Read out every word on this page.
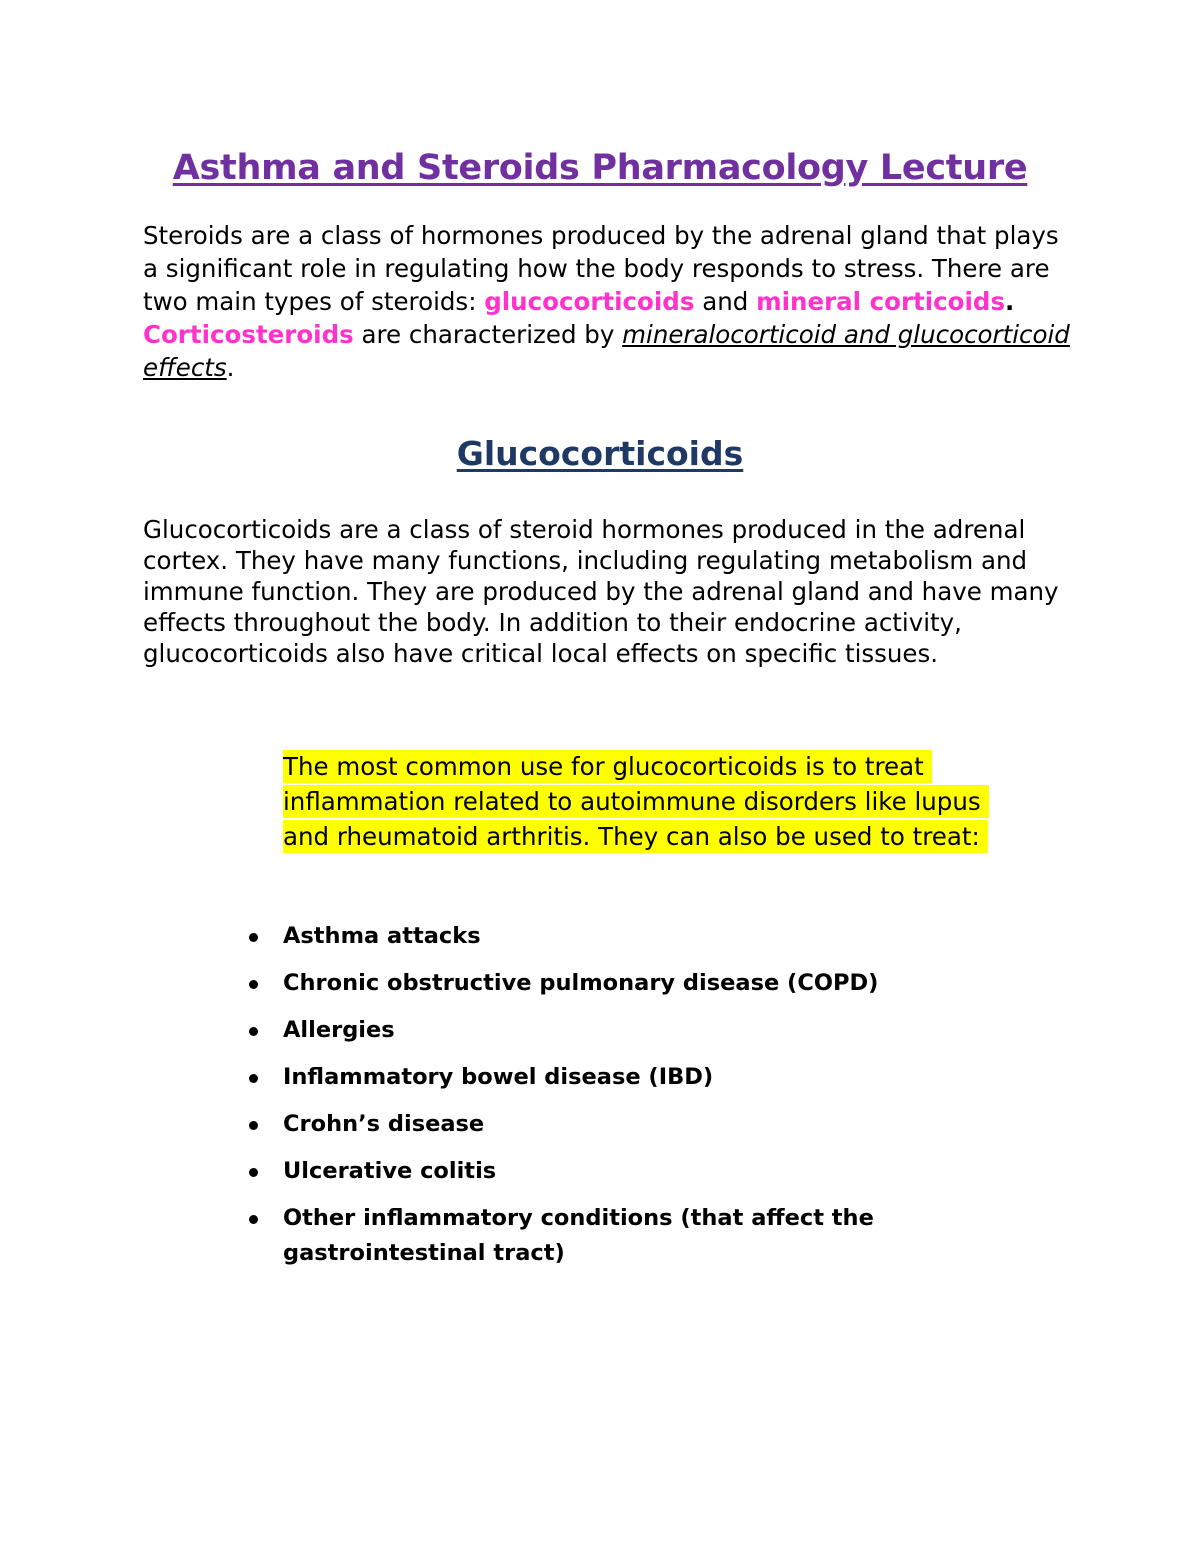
Asthma and Steroids Pharmacology Lecture

Steroids are a class of hormones produced by the adrenal gland that plays a significant role in regulating how the body responds to stress. There are two main types of steroids: glucocorticoids and mineral corticoids. Corticosteroids are characterized by mineralocorticoid and glucocorticoid effects.

Glucocorticoids

Glucocorticoids are a class of steroid hormones produced in the adrenal cortex. They have many functions, including regulating metabolism and immune function. They are produced by the adrenal gland and have many effects throughout the body. In addition to their endocrine activity, glucocorticoids also have critical local effects on specific tissues.

The most common use for glucocorticoids is to treat inflammation related to autoimmune disorders like lupus and rheumatoid arthritis. They can also be used to treat:

Asthma attacks
Chronic obstructive pulmonary disease (COPD)
Allergies
Inflammatory bowel disease (IBD)
Crohn’s disease
Ulcerative colitis
Other inflammatory conditions (that affect the gastrointestinal tract)
